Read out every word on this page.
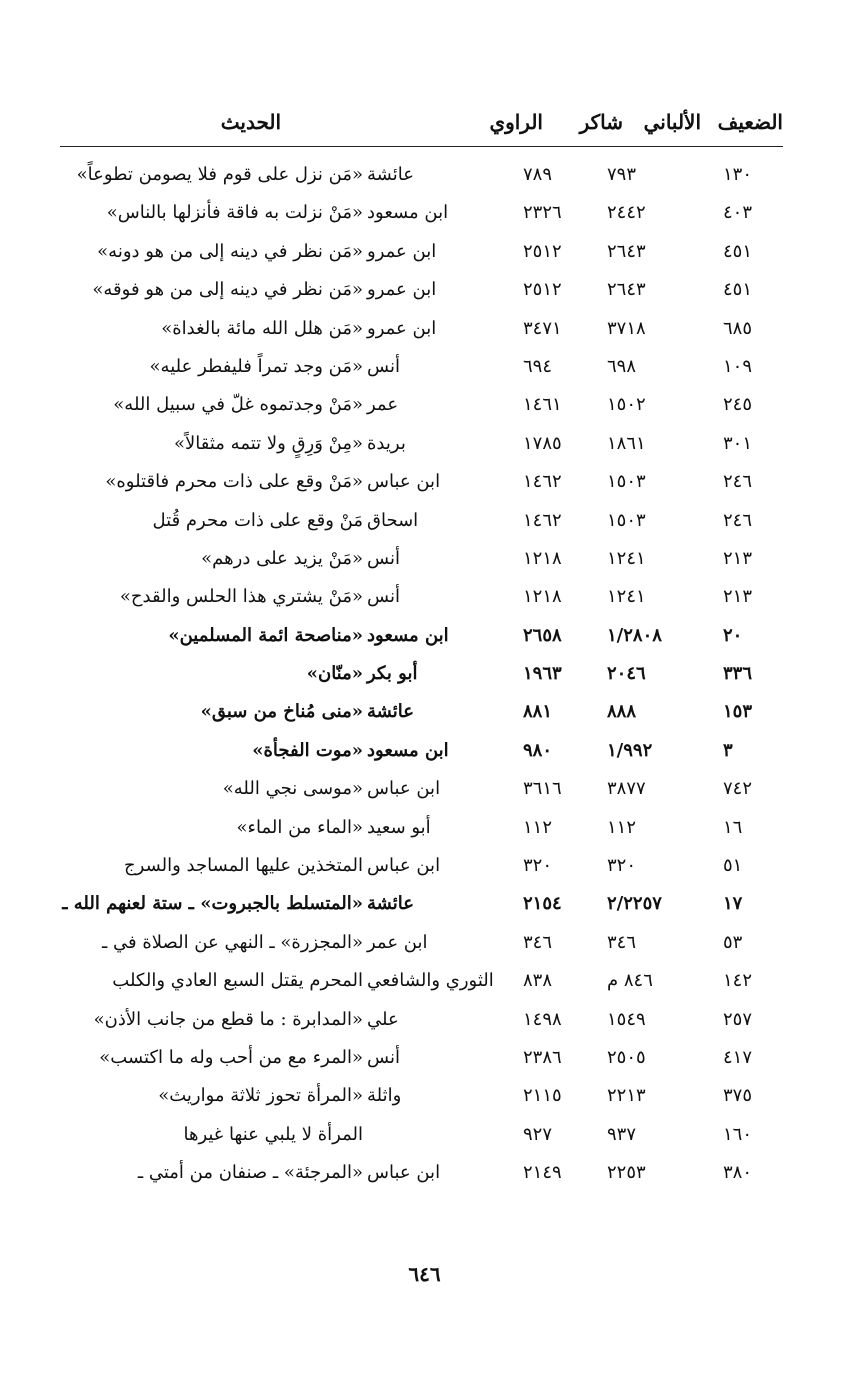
الضعيف
الألباني
شاكر
الراوي
الحديث
١٣٠
٧٩٣
٧٨٩
عائشة
«مَن نزل على قوم فلا يصومن تطوعاً»
٤٠٣
٢٤٤٢
٢٣٢٦
ابن مسعود
«مَنْ نزلت به فاقة فأنزلها بالناس»
٤٥١
٢٦٤٣
٢٥١٢
ابن عمرو
«مَن نظر في دينه إلى من هو دونه»
٤٥١
٢٦٤٣
٢٥١٢
ابن عمرو
«مَن نظر في دينه إلى من هو فوقه»
٦٨٥
٣٧١٨
٣٤٧١
ابن عمرو
«مَن هلل الله مائة بالغداة»
١٠٩
٦٩٨
٦٩٤
أنس
«مَن وجد تمراً فليفطر عليه»
٢٤٥
١٥٠٢
١٤٦١
عمر
«مَنْ وجدتموه غلّ في سبيل الله»
٣٠١
١٨٦١
١٧٨٥
بريدة
«مِنْ وَرِقٍ ولا تتمه مثقالاً»
٢٤٦
١٥٠٣
١٤٦٢
ابن عباس
«مَنْ وقع على ذات محرم فاقتلوه»
٢٤٦
١٥٠٣
١٤٦٢
اسحاق
مَنْ وقع على ذات محرم قُتل
٢١٣
١٢٤١
١٢١٨
أنس
«مَنْ يزيد على درهم»
٢١٣
١٢٤١
١٢١٨
أنس
«مَنْ يشتري هذا الحلس والقدح»
٢٠
١/٢٨٠٨
٢٦٥٨
ابن مسعود
«مناصحة ائمة المسلمين»
٣٣٦
٢٠٤٦
١٩٦٣
أبو بكر
«منّان»
١٥٣
٨٨٨
٨٨١
عائشة
«منى مُناخ من سبق»
٣
١/٩٩٢
٩٨٠
ابن مسعود
«موت الفجأة»
٧٤٢
٣٨٧٧
٣٦١٦
ابن عباس
«موسى نجي الله»
١٦
١١٢
١١٢
أبو سعيد
«الماء من الماء»
٥١
٣٢٠
٣٢٠
ابن عباس
المتخذين عليها المساجد والسرج
١٧
٢/٢٢٥٧
٢١٥٤
عائشة
«المتسلط بالجبروت» ـ ستة لعنهم الله ـ
٥٣
٣٤٦
٣٤٦
ابن عمر
«المجزرة» ـ النهي عن الصلاة في ـ
١٤٢
٨٤٦ م
٨٣٨
الثوري والشافعي
المحرم يقتل السبع العادي والكلب
٢٥٧
١٥٤٩
١٤٩٨
علي
«المدابرة : ما قطع من جانب الأذن»
٤١٧
٢٥٠٥
٢٣٨٦
أنس
«المرء مع من أحب وله ما اكتسب»
٣٧٥
٢٢١٣
٢١١٥
واثلة
«المرأة تحوز ثلاثة مواريث»
١٦٠
٩٣٧
٩٢٧
المرأة لا يلبي عنها غيرها
٣٨٠
٢٢٥٣
٢١٤٩
ابن عباس
«المرجئة» ـ صنفان من أمتي ـ
٦٤٦
